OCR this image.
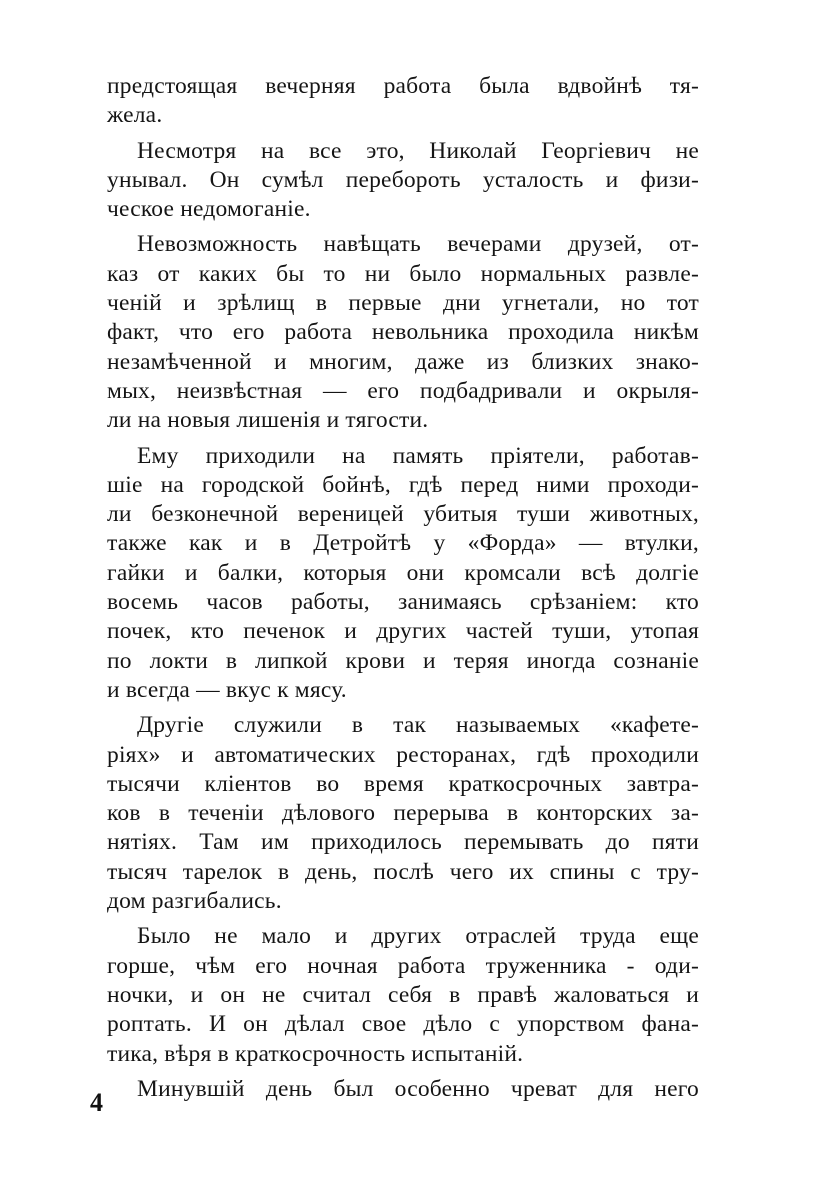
предстоящая вечерняя работа была вдвойнѣ тя-
жела.
Несмотря на все это, Николай Георгіевич не
унывал. Он сумѣл перебороть усталость и физи-
ческое недомоганіе.
Невозможность навѣщать вечерами друзей, от-
каз от каких бы то ни было нормальных развле-
ченій и зрѣлищ в первые дни угнетали, но тот
факт, что его работа невольника проходила никѣм
незамѣченной и многим, даже из близких знако-
мых, неизвѣстная — его подбадривали и окрыля-
ли на новыя лишенія и тягости.
Ему приходили на память пріятели, работав-
шіе на городской бойнѣ, гдѣ перед ними проходи-
ли безконечной вереницей убитыя туши животных,
также как и в Детройтѣ у «Форда» — втулки,
гайки и балки, которыя они кромсали всѣ долгіе
восемь часов работы, занимаясь срѣзаніем: кто
почек, кто печенок и других частей туши, утопая
по локти в липкой крови и теряя иногда сознаніе
и всегда — вкус к мясу.
Другіе служили в так называемых «кафете-
ріях» и автоматических ресторанах, гдѣ проходили
тысячи кліентов во время краткосрочных завтра-
ков в теченіи дѣлового перерыва в конторских за-
нятіях. Там им приходилось перемывать до пяти
тысяч тарелок в день, послѣ чего их спины с тру-
дом разгибались.
Было не мало и других отраслей труда еще
горше, чѣм его ночная работа труженника - оди-
ночки, и он не считал себя в правѣ жаловаться и
роптать. И он дѣлал свое дѣло с упорством фана-
тика, вѣря в краткосрочность испытаній.
Минувшій день был особенно чреват для него
4
